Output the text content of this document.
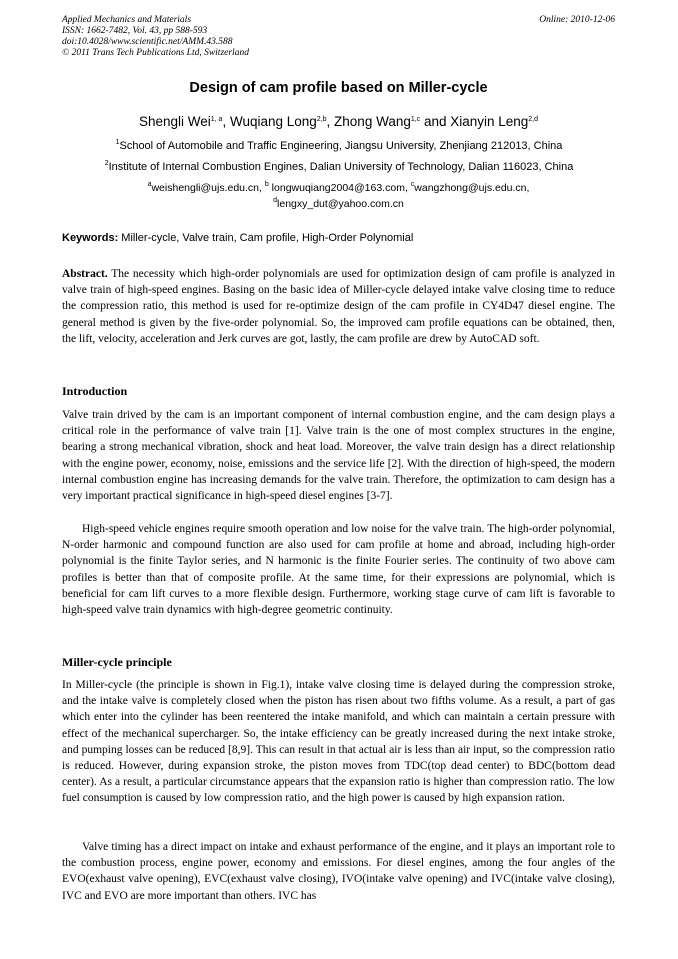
Applied Mechanics and Materials
ISSN: 1662-7482, Vol. 43, pp 588-593
doi:10.4028/www.scientific.net/AMM.43.588
© 2011 Trans Tech Publications Ltd, Switzerland
Online: 2010-12-06
Design of cam profile based on Miller-cycle
Shengli Wei$^{1, a}$, Wuqiang Long$^{2,b}$, Zhong Wang$^{1,c}$ and Xianyin Leng$^{2,d}$
$^1$School of Automobile and Traffic Engineering, Jiangsu University, Zhenjiang 212013, China
$^2$Institute of Internal Combustion Engines, Dalian University of Technology, Dalian 116023, China
$^a$weishengli@ujs.edu.cn, $^b$ longwuqiang2004@163.com, $^c$wangzhong@ujs.edu.cn,
$^d$lengxy_dut@yahoo.com.cn
Keywords: Miller-cycle, Valve train, Cam profile, High-Order Polynomial
Abstract. The necessity which high-order polynomials are used for optimization design of cam profile is analyzed in valve train of high-speed engines. Basing on the basic idea of Miller-cycle delayed intake valve closing time to reduce the compression ratio, this method is used for re-optimize design of the cam profile in CY4D47 diesel engine. The general method is given by the five-order polynomial. So, the improved cam profile equations can be obtained, then, the lift, velocity, acceleration and Jerk curves are got, lastly, the cam profile are drew by AutoCAD soft.
Introduction
Valve train drived by the cam is an important component of internal combustion engine, and the cam design plays a critical role in the performance of valve train [1]. Valve train is the one of most complex structures in the engine, bearing a strong mechanical vibration, shock and heat load. Moreover, the valve train design has a direct relationship with the engine power, economy, noise, emissions and the service life [2]. With the direction of high-speed, the modern internal combustion engine has increasing demands for the valve train. Therefore, the optimization to cam design has a very important practical significance in high-speed diesel engines [3-7].
High-speed vehicle engines require smooth operation and low noise for the valve train. The high-order polynomial, N-order harmonic and compound function are also used for cam profile at home and abroad, including high-order polynomial is the finite Taylor series, and N harmonic is the finite Fourier series. The continuity of two above cam profiles is better than that of composite profile. At the same time, for their expressions are polynomial, which is beneficial for cam lift curves to a more flexible design. Furthermore, working stage curve of cam lift is favorable to high-speed valve train dynamics with high-degree geometric continuity.
Miller-cycle principle
In Miller-cycle (the principle is shown in Fig.1), intake valve closing time is delayed during the compression stroke, and the intake valve is completely closed when the piston has risen about two fifths volume. As a result, a part of gas which enter into the cylinder has been reentered the intake manifold, and which can maintain a certain pressure with effect of the mechanical supercharger. So, the intake efficiency can be greatly increased during the next intake stroke, and pumping losses can be reduced [8,9]. This can result in that actual air is less than air input, so the compression ratio is reduced. However, during expansion stroke, the piston moves from TDC(top dead center) to BDC(bottom dead center). As a result, a particular circumstance appears that the expansion ratio is higher than compression ratio. The low fuel consumption is caused by low compression ratio, and the high power is caused by high expansion ration.
Valve timing has a direct impact on intake and exhaust performance of the engine, and it plays an important role to the combustion process, engine power, economy and emissions. For diesel engines, among the four angles of the EVO(exhaust valve opening), EVC(exhaust valve closing), IVO(intake valve opening) and IVC(intake valve closing), IVC and EVO are more important than others. IVC has
